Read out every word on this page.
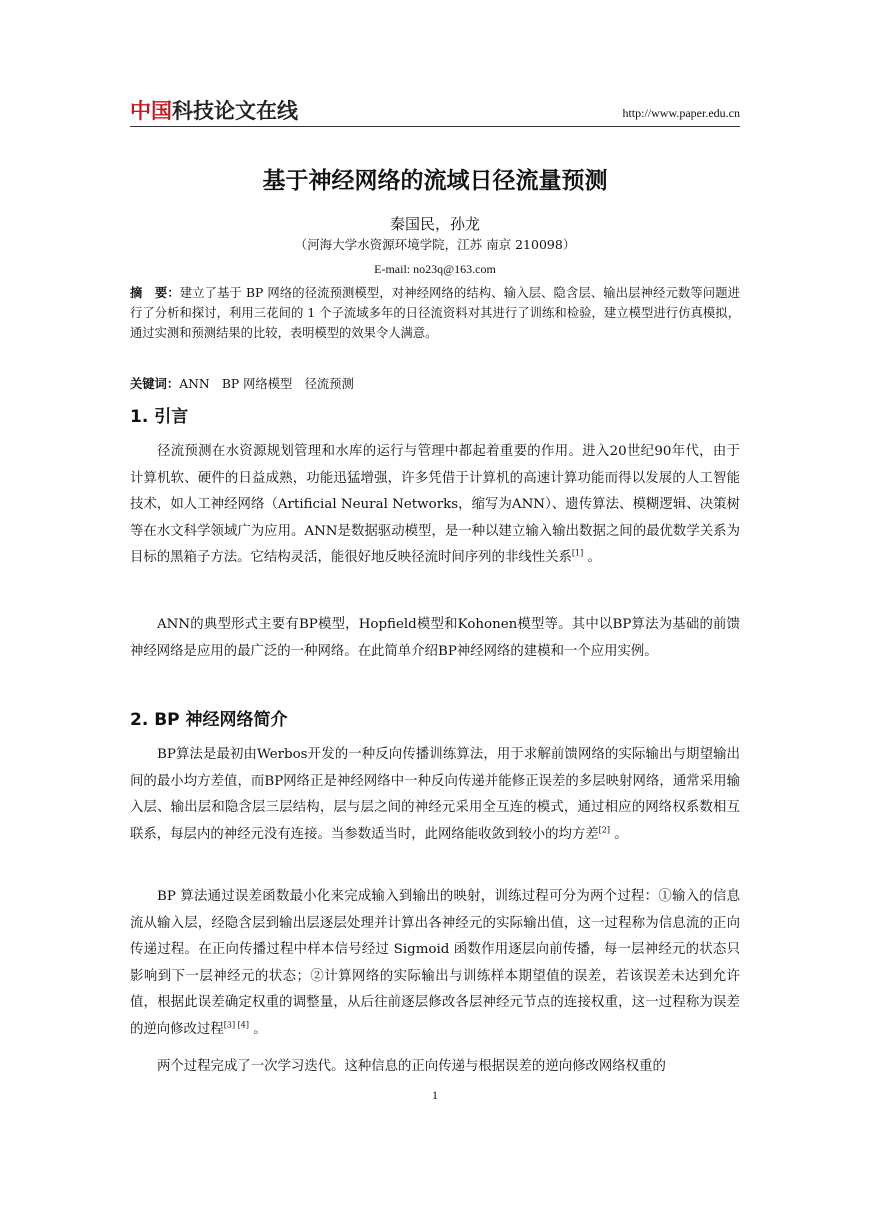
中国科技论文在线	http://www.paper.edu.cn
基于神经网络的流域日径流量预测
秦国民，孙龙
（河海大学水资源环境学院，江苏 南京 210098）
E-mail: no23q@163.com
摘　要：建立了基于 BP 网络的径流预测模型，对神经网络的结构、输入层、隐含层、输出层神经元数等问题进行了分析和探讨，利用三花间的 1 个子流域多年的日径流资料对其进行了训练和检验，建立模型进行仿真模拟，通过实测和预测结果的比较，表明模型的效果令人满意。
关键词：ANN　BP 网络模型　径流预测
1. 引言

径流预测在水资源规划管理和水库的运行与管理中都起着重要的作用。进入20世纪90年代，由于计算机软、硬件的日益成熟，功能迅猛增强，许多凭借于计算机的高速计算功能而得以发展的人工智能技术，如人工神经网络（Artificial Neural Networks，缩写为ANN）、遗传算法、模糊逻辑、决策树等在水文科学领域广为应用。ANN是数据驱动模型，是一种以建立输入输出数据之间的最优数学关系为目标的黑箱子方法。它结构灵活，能很好地反映径流时间序列的非线性关系[1] 。

ANN的典型形式主要有BP模型，Hopfield模型和Kohonen模型等。其中以BP算法为基础的前馈神经网络是应用的最广泛的一种网络。在此简单介绍BP神经网络的建模和一个应用实例。

2. BP 神经网络简介

BP算法是最初由Werbos开发的一种反向传播训练算法，用于求解前馈网络的实际输出与期望输出间的最小均方差值，而BP网络正是神经网络中一种反向传递并能修正误差的多层映射网络，通常采用输入层、输出层和隐含层三层结构，层与层之间的神经元采用全互连的模式，通过相应的网络权系数相互联系，每层内的神经元没有连接。当参数适当时，此网络能收敛到较小的均方差[2] 。

BP 算法通过误差函数最小化来完成输入到输出的映射，训练过程可分为两个过程：①输入的信息流从输入层，经隐含层到输出层逐层处理并计算出各神经元的实际输出值，这一过程称为信息流的正向传递过程。在正向传播过程中样本信号经过 Sigmoid 函数作用逐层向前传播，每一层神经元的状态只影响到下一层神经元的状态；②计算网络的实际输出与训练样本期望值的误差，若该误差未达到允许值，根据此误差确定权重的调整量，从后往前逐层修改各层神经元节点的连接权重，这一过程称为误差的逆向修改过程[3] [4] 。

两个过程完成了一次学习迭代。这种信息的正向传递与根据误差的逆向修改网络权重的

1
